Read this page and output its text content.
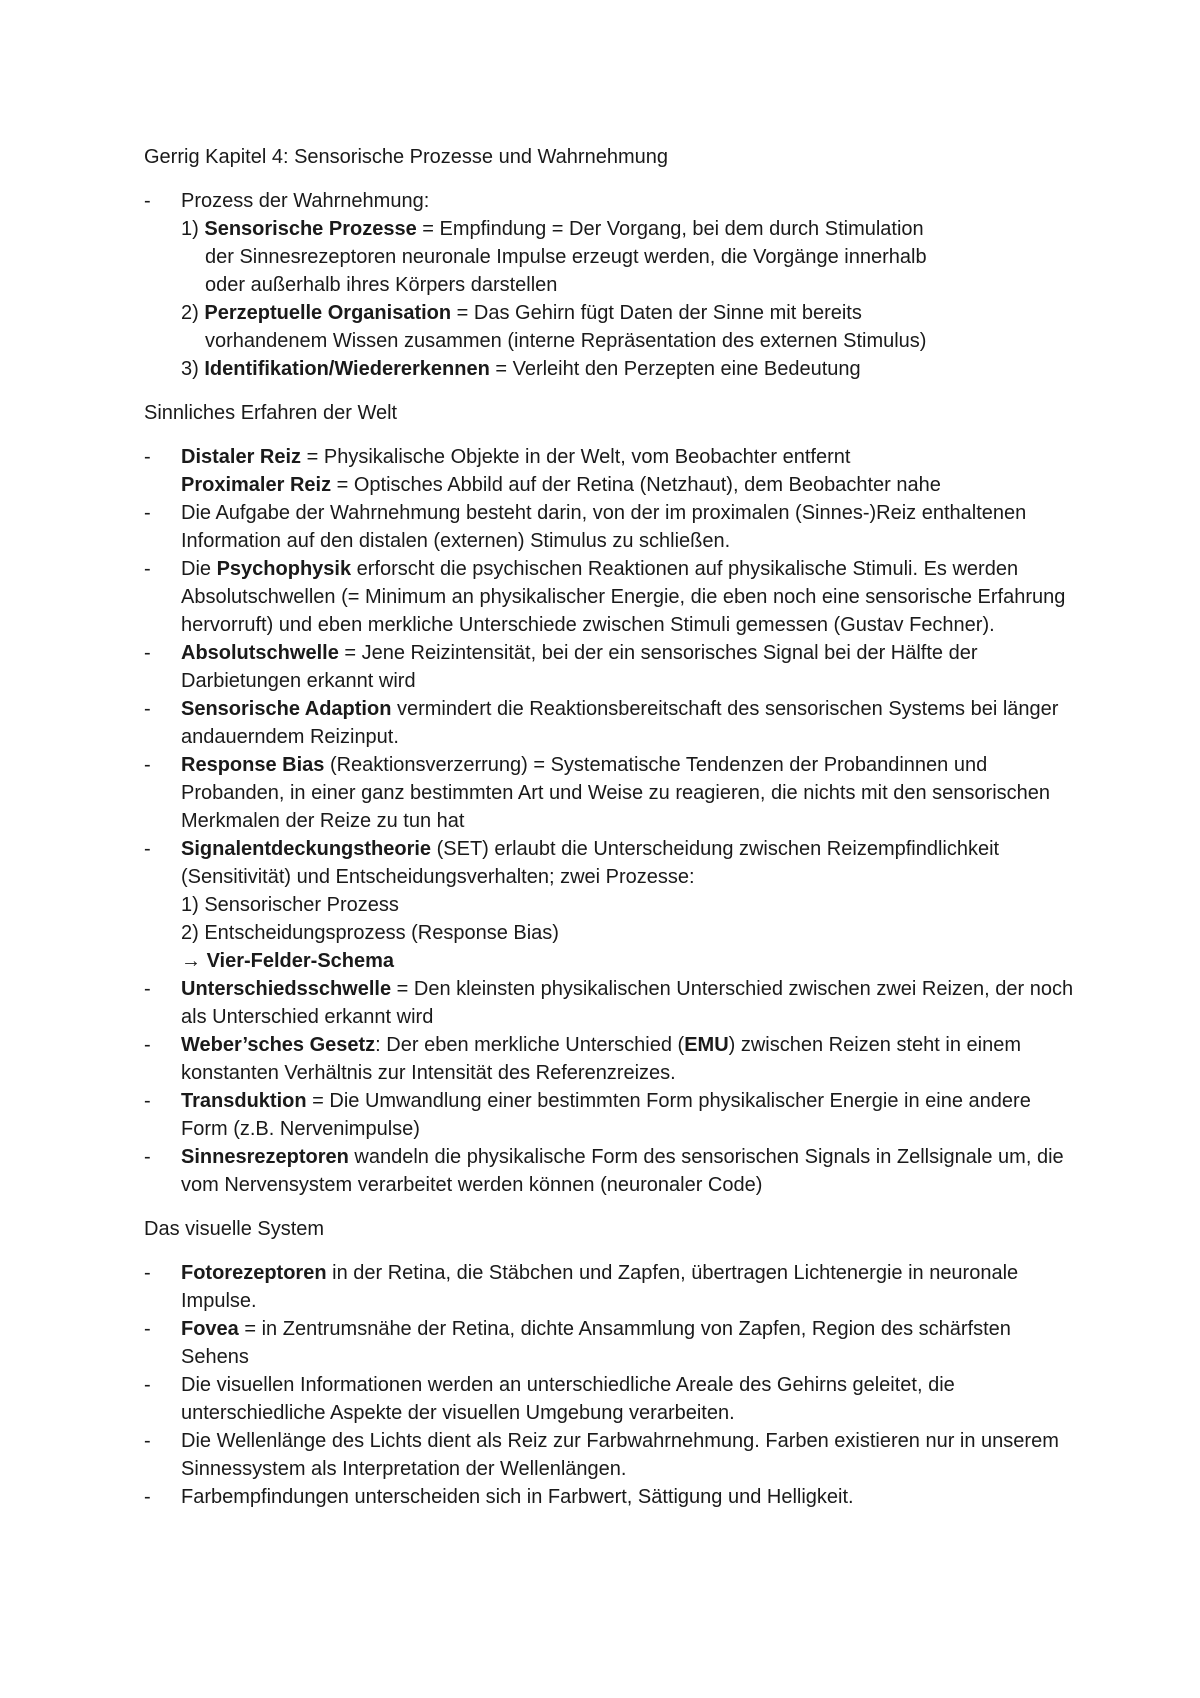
Gerrig Kapitel 4: Sensorische Prozesse und Wahrnehmung

- Prozess der Wahrnehmung:
1) Sensorische Prozesse = Empfindung = Der Vorgang, bei dem durch Stimulation
der Sinnesrezeptoren neuronale Impulse erzeugt werden, die Vorgänge innerhalb
oder außerhalb ihres Körpers darstellen
2) Perzeptuelle Organisation = Das Gehirn fügt Daten der Sinne mit bereits
vorhandenem Wissen zusammen (interne Repräsentation des externen Stimulus)
3) Identifikation/Wiedererkennen = Verleiht den Perzepten eine Bedeutung

Sinnliches Erfahren der Welt

- Distaler Reiz = Physikalische Objekte in der Welt, vom Beobachter entfernt
Proximaler Reiz = Optisches Abbild auf der Retina (Netzhaut), dem Beobachter nahe
- Die Aufgabe der Wahrnehmung besteht darin, von der im proximalen (Sinnes-)Reiz enthaltenen Information auf den distalen (externen) Stimulus zu schließen.
- Die Psychophysik erforscht die psychischen Reaktionen auf physikalische Stimuli. Es werden Absolutschwellen (= Minimum an physikalischer Energie, die eben noch eine sensorische Erfahrung hervorruft) und eben merkliche Unterschiede zwischen Stimuli gemessen (Gustav Fechner).
- Absolutschwelle = Jene Reizintensität, bei der ein sensorisches Signal bei der Hälfte der Darbietungen erkannt wird
- Sensorische Adaption vermindert die Reaktionsbereitschaft des sensorischen Systems bei länger andauerndem Reizinput.
- Response Bias (Reaktionsverzerrung) = Systematische Tendenzen der Probandinnen und Probanden, in einer ganz bestimmten Art und Weise zu reagieren, die nichts mit den sensorischen Merkmalen der Reize zu tun hat
- Signalentdeckungstheorie (SET) erlaubt die Unterscheidung zwischen Reizempfindlichkeit (Sensitivität) und Entscheidungsverhalten; zwei Prozesse:
1) Sensorischer Prozess
2) Entscheidungsprozess (Response Bias)
→ Vier-Felder-Schema
- Unterschiedsschwelle = Den kleinsten physikalischen Unterschied zwischen zwei Reizen, der noch als Unterschied erkannt wird
- Weber’sches Gesetz: Der eben merkliche Unterschied (EMU) zwischen Reizen steht in einem konstanten Verhältnis zur Intensität des Referenzreizes.
- Transduktion = Die Umwandlung einer bestimmten Form physikalischer Energie in eine andere Form (z.B. Nervenimpulse)
- Sinnesrezeptoren wandeln die physikalische Form des sensorischen Signals in Zellsignale um, die vom Nervensystem verarbeitet werden können (neuronaler Code)

Das visuelle System

- Fotorezeptoren in der Retina, die Stäbchen und Zapfen, übertragen Lichtenergie in neuronale Impulse.
- Fovea = in Zentrumsnähe der Retina, dichte Ansammlung von Zapfen, Region des schärfsten Sehens
- Die visuellen Informationen werden an unterschiedliche Areale des Gehirns geleitet, die unterschiedliche Aspekte der visuellen Umgebung verarbeiten.
- Die Wellenlänge des Lichts dient als Reiz zur Farbwahrnehmung. Farben existieren nur in unserem Sinnessystem als Interpretation der Wellenlängen.
- Farbempfindungen unterscheiden sich in Farbwert, Sättigung und Helligkeit.
